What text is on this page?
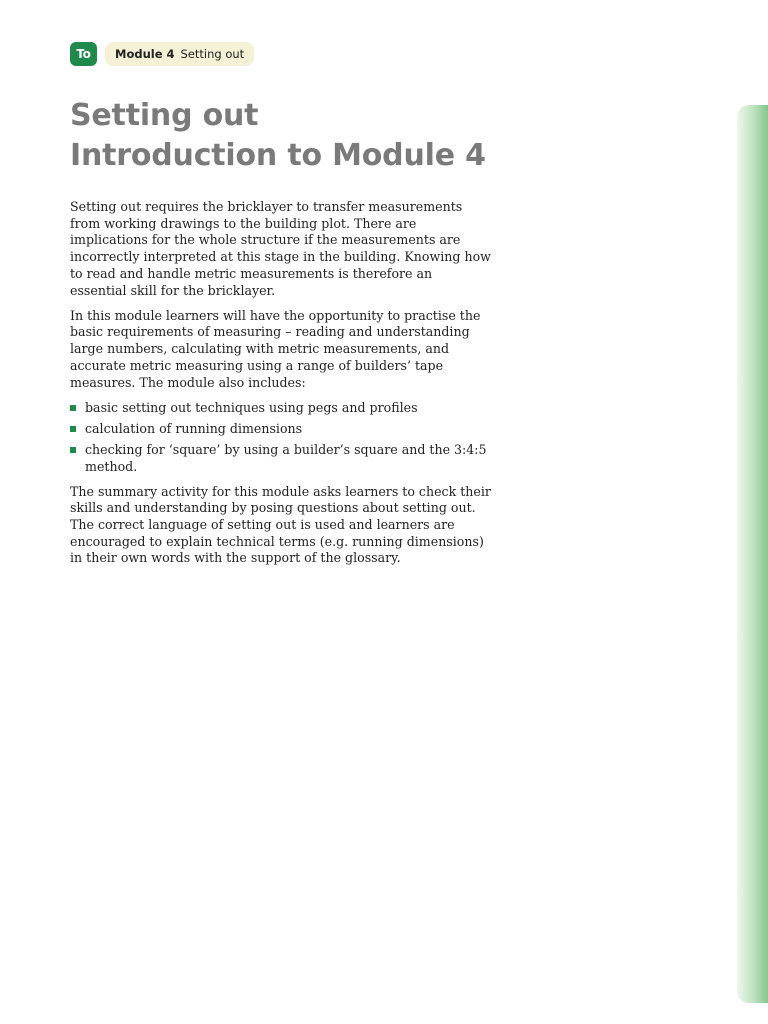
To	Module 4 Setting out
Setting out
Introduction to Module 4

Setting out requires the bricklayer to transfer measurements from working drawings to the building plot. There are implications for the whole structure if the measurements are incorrectly interpreted at this stage in the building. Knowing how to read and handle metric measurements is therefore an essential skill for the bricklayer.

In this module learners will have the opportunity to practise the basic requirements of measuring – reading and understanding large numbers, calculating with metric measurements, and accurate metric measuring using a range of builders’ tape measures. The module also includes:

basic setting out techniques using pegs and profiles
calculation of running dimensions
checking for ‘square’ by using a builder’s square and the 3:4:5 method.

The summary activity for this module asks learners to check their skills and understanding by posing questions about setting out. The correct language of setting out is used and learners are encouraged to explain technical terms (e.g. running dimensions) in their own words with the support of the glossary.
